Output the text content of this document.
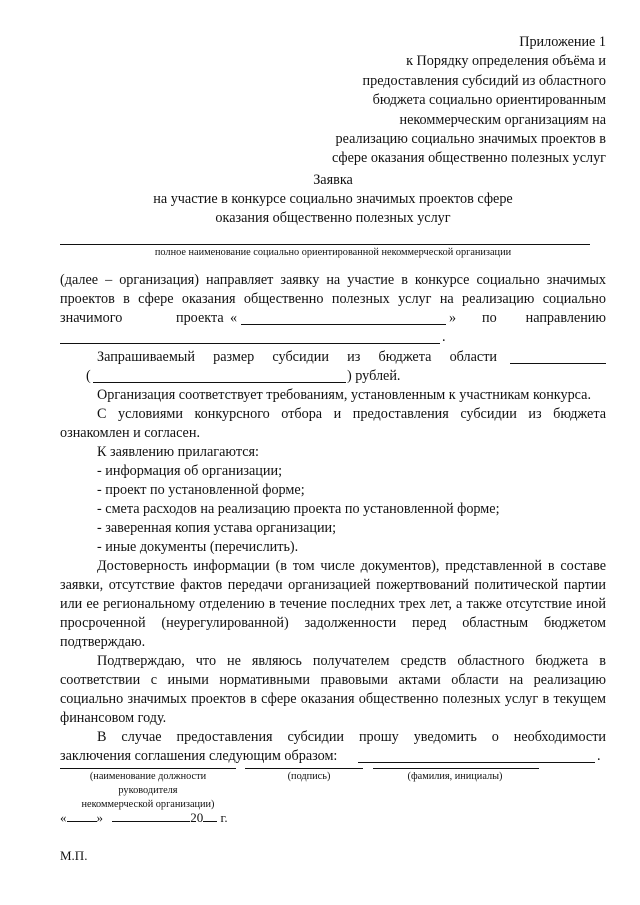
Приложение 1
к Порядку определения объёма и
предоставления субсидий из областного
бюджета социально ориентированным
некоммерческим организациям на
реализацию социально значимых проектов в
сфере оказания общественно полезных услуг
Заявка
на участие в конкурсе социально значимых проектов сфере
оказания общественно полезных услуг
полное наименование социально ориентированной некоммерческой организации
(далее – организация) направляет заявку на участие в конкурсе социально значимых
проектов в сфере оказания общественно полезных услуг на реализацию социально
значимого	проекта «	» по направлению
.
Запрашиваемый размер субсидии из бюджета области
(	) рублей.

Организация соответствует требованиям, установленным к участникам конкурса.

С условиями конкурсного отбора и предоставления субсидии из бюджета ознакомлен и согласен.

К заявлению прилагаются:

- информация об организации;

- проект по установленной форме;

- смета расходов на реализацию проекта по установленной форме;

- заверенная копия устава организации;

- иные документы (перечислить).

Достоверность информации (в том числе документов), представленной в составе заявки, отсутствие фактов передачи организацией пожертвований политической партии или ее региональному отделению в течение последних трех лет, а также отсутствие иной просроченной (неурегулированной) задолженности перед областным бюджетом подтверждаю.

Подтверждаю, что не являюсь получателем средств областного бюджета в соответствии с иными нормативными правовыми актами области на реализацию социально значимых проектов в сфере оказания общественно полезных услуг в текущем финансовом году.

В случае предоставления субсидии прошу уведомить о необходимости
заключения соглашения следующим образом:	.
(наименование должности руководителя
некоммерческой организации)
(подпись)	(фамилия, инициалы)
« »	20 г.
М.П.
